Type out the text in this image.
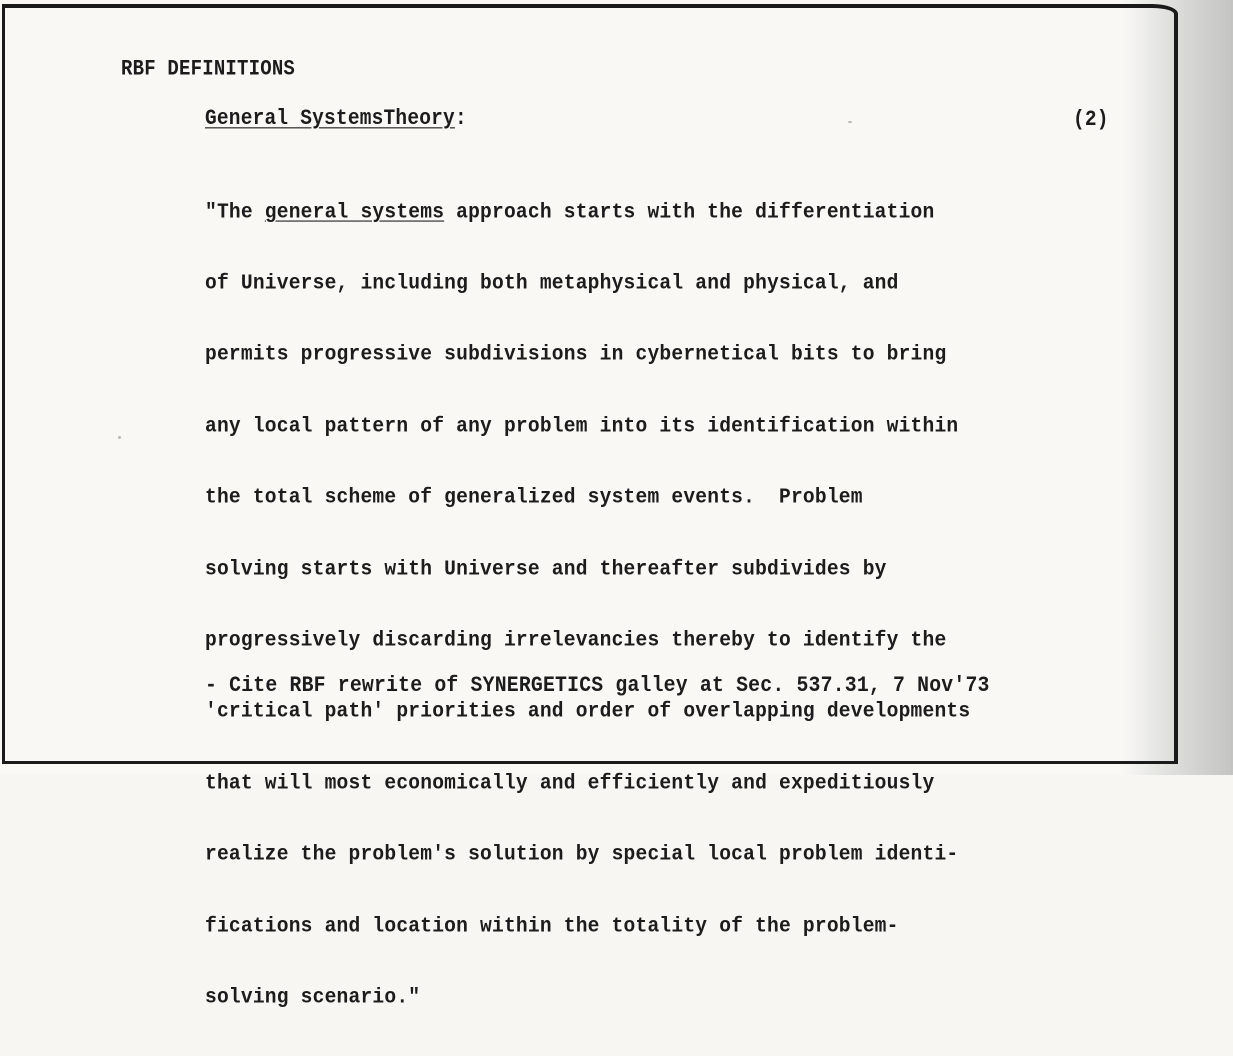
RBF DEFINITIONS
General SystemsTheory:	(2)

"The general systems approach starts with the differentiation

of Universe, including both metaphysical and physical, and

permits progressive subdivisions in cybernetical bits to bring

any local pattern of any problem into its identification within

the total scheme of generalized system events.  Problem

solving starts with Universe and thereafter subdivides by

progressively discarding irrelevancies thereby to identify the

'critical path' priorities and order of overlapping developments

that will most economically and efficiently and expeditiously

realize the problem's solution by special local problem identi-

fications and location within the totality of the problem-

solving scenario."

- Cite RBF rewrite of SYNERGETICS galley at Sec. 537.31, 7 Nov'73
